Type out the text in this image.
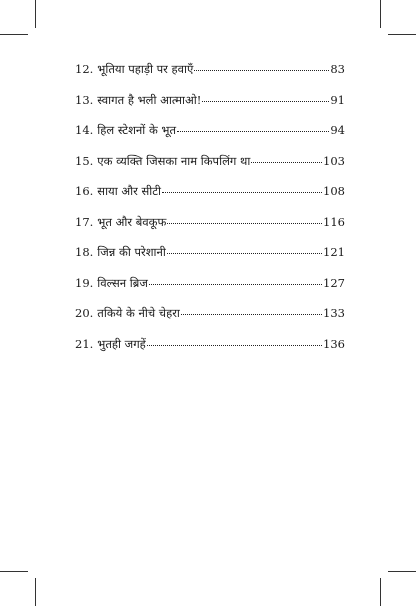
12. भूतिया पहाड़ी पर हवाएँ	83
13. स्वागत है भली आत्माओ!	91
14. हिल स्टेशनों के भूत	94
15. एक व्यक्ति जिसका नाम किपलिंग था	103
16. साया और सीटी	108
17. भूत और बेवकूफ	116
18. जिन्न की परेशानी	121
19. विल्सन ब्रिज	127
20. तकिये के नीचे चेहरा	133
21. भुतही जगहें	136
